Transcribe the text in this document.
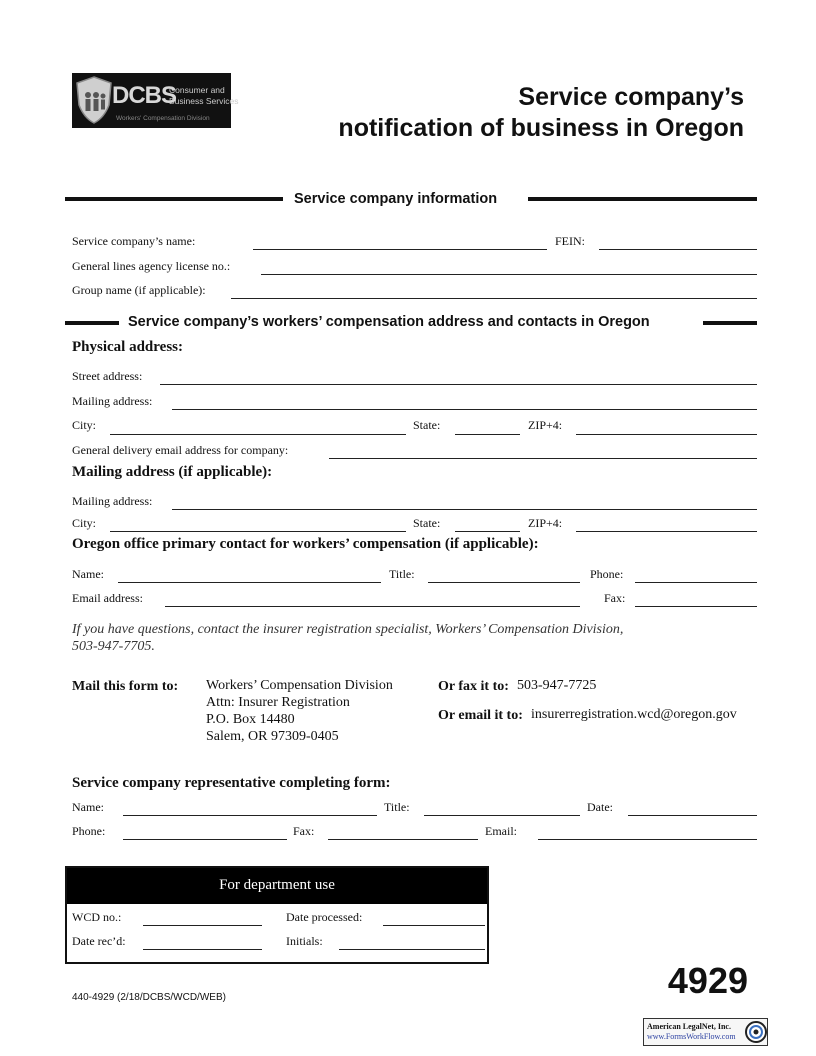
DCBS
Consumer and
Business Services
Workers' Compensation Division
Service company’s
notification of business in Oregon
Service company information
Service company’s name:	FEIN:
General lines agency license no.:
Group name (if applicable):
Service company’s workers’ compensation address and contacts in Oregon
Physical address:
Street address:
Mailing address:
City:	State:	ZIP+4:
General delivery email address for company:
Mailing address (if applicable):
Mailing address:
City:	State:	ZIP+4:
Oregon office primary contact for workers’ compensation (if applicable):
Name:	Title:	Phone:
Email address:	Fax:
If you have questions, contact the insurer registration specialist, Workers’ Compensation Division,
503-947-7705.
Mail this form to: Workers’ Compensation Division
Attn: Insurer Registration
P.O. Box 14480
Salem, OR 97309-0405
Or fax it to: 503-947-7725
Or email it to: insurerregistration.wcd@oregon.gov
Service company representative completing form:
Name:	Title:	Date:
Phone:	Fax:	Email:
For department use
WCD no.:	Date processed:
Date rec’d:	Initials:
440-4929 (2/18/DCBS/WCD/WEB)	4929
American LegalNet, Inc.
www.FormsWorkFlow.com
